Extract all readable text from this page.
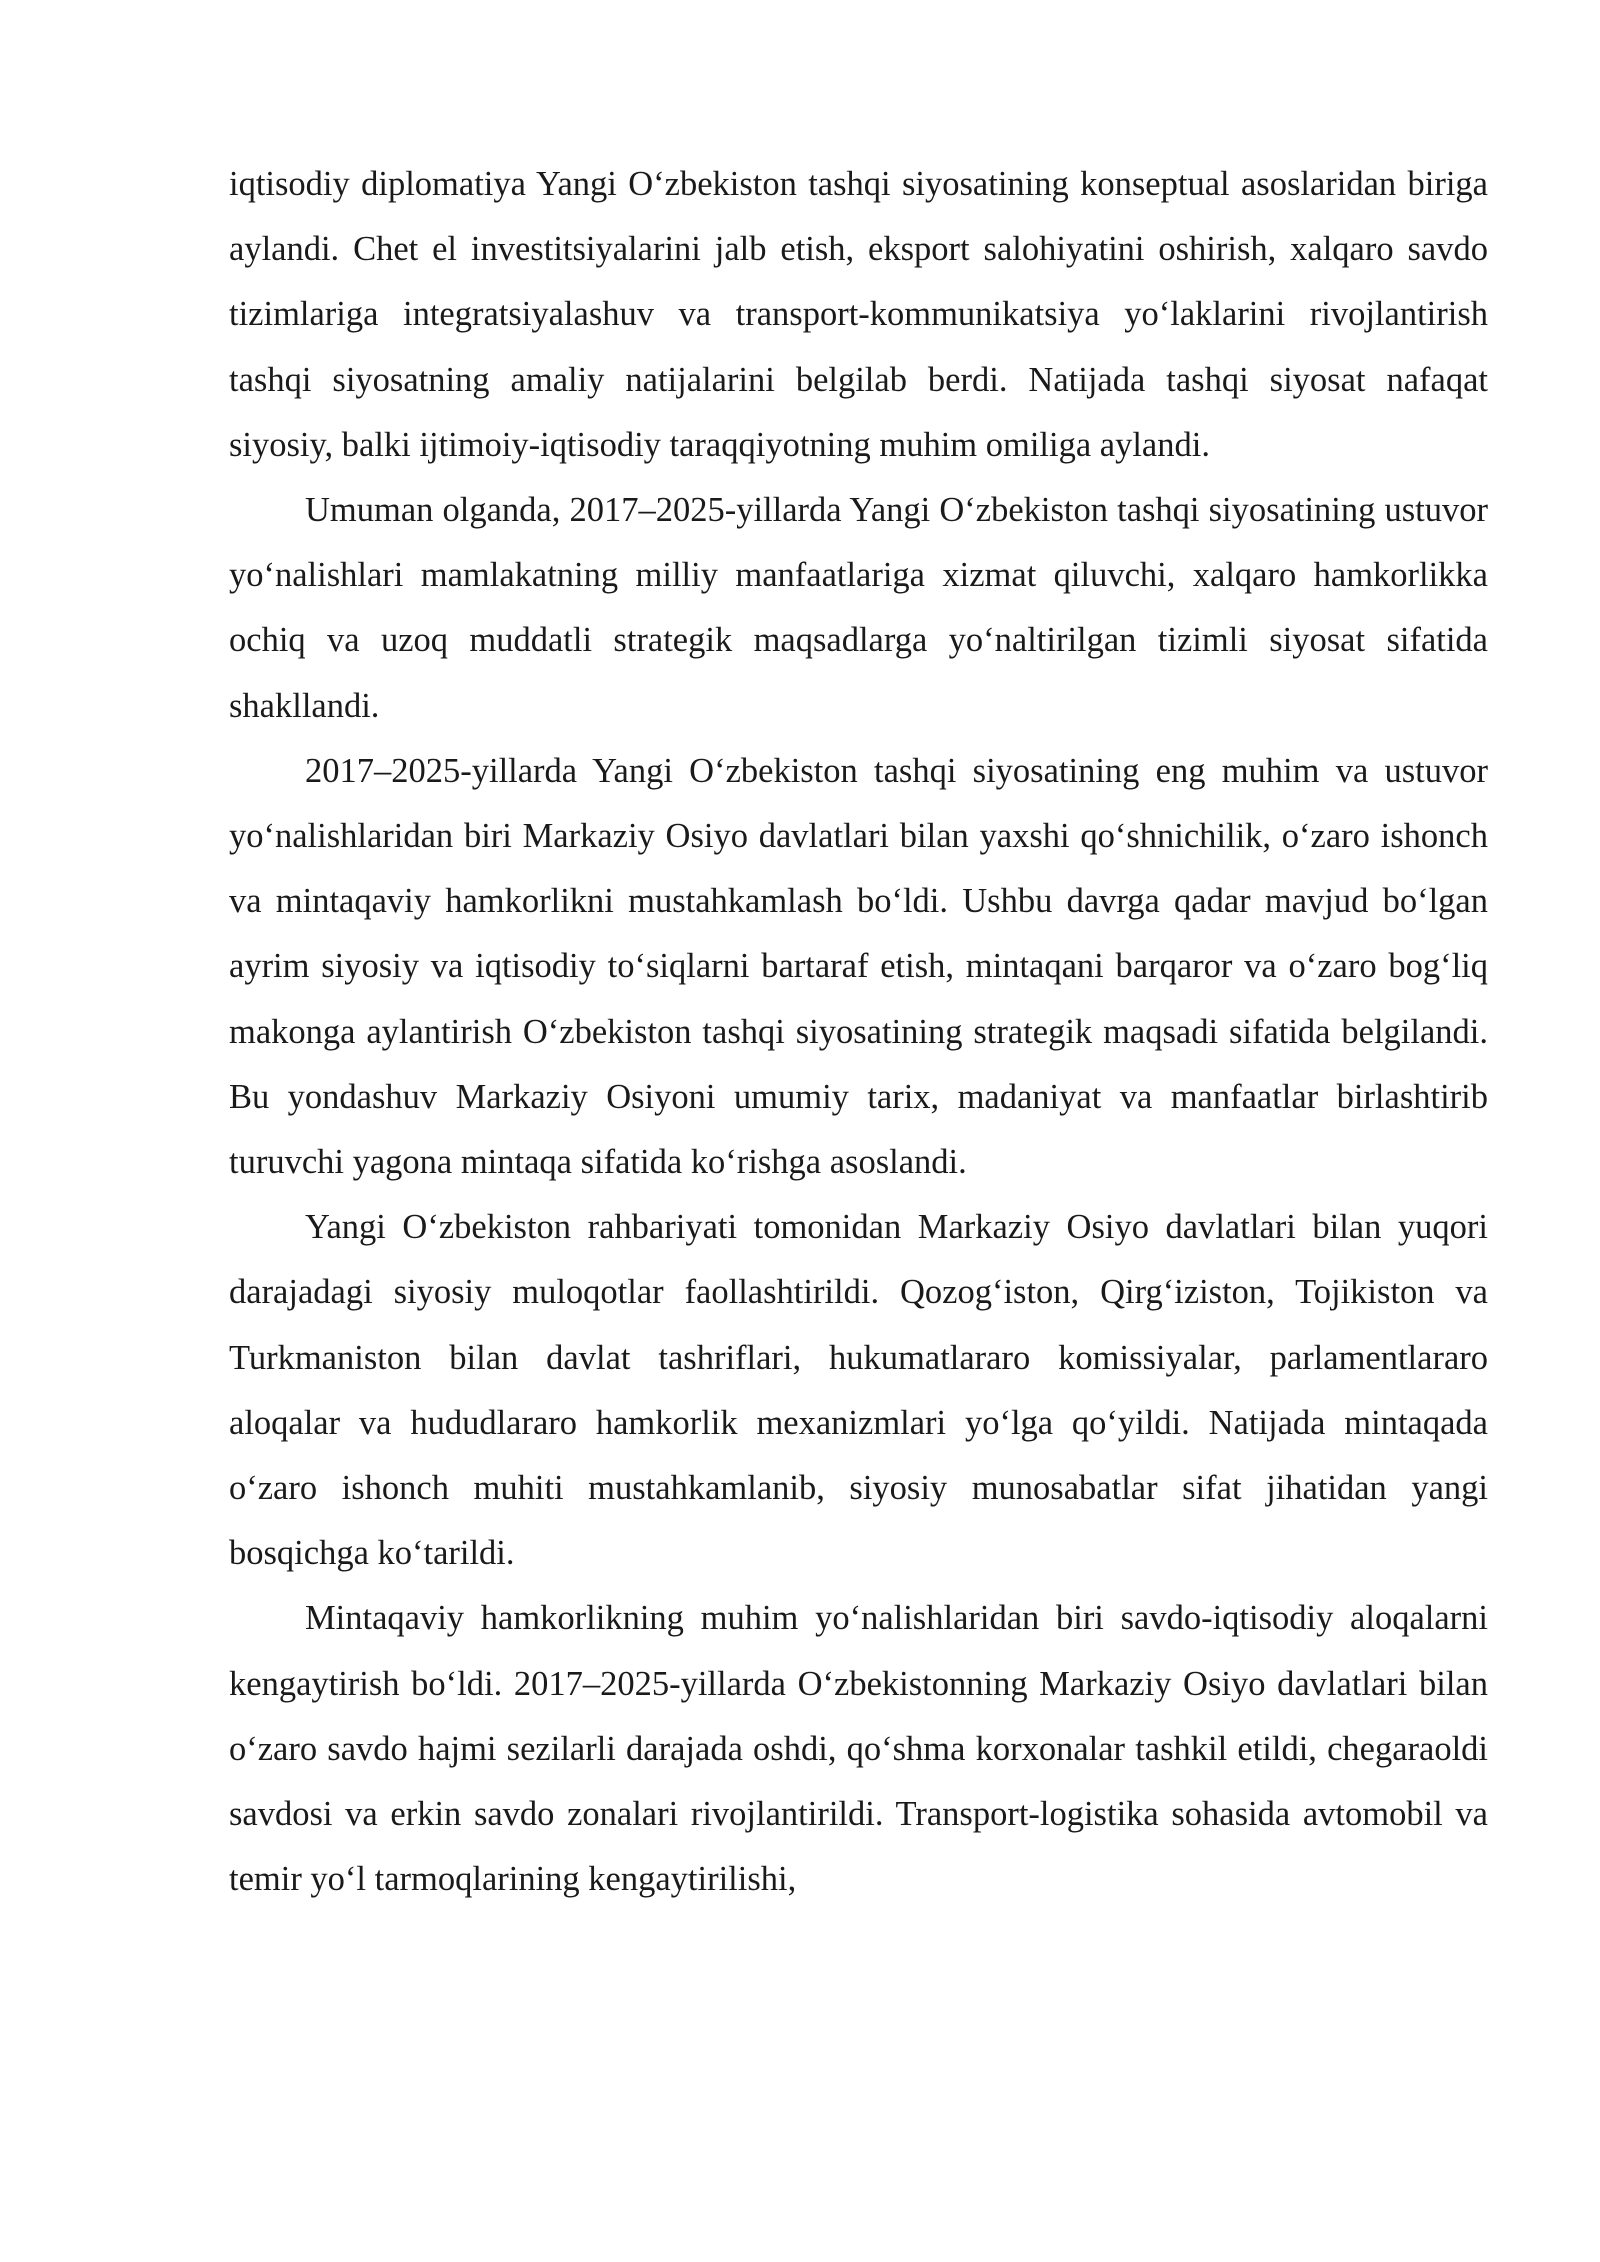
iqtisodiy diplomatiya Yangi O‘zbekiston tashqi siyosatining konseptual asoslaridan biriga aylandi. Chet el investitsiyalarini jalb etish, eksport salohiyatini oshirish, xalqaro savdo tizimlariga integratsiyalashuv va transport-kommunikatsiya yo‘laklarini rivojlantirish tashqi siyosatning amaliy natijalarini belgilab berdi. Natijada tashqi siyosat nafaqat siyosiy, balki ijtimoiy-iqtisodiy taraqqiyotning muhim omiliga aylandi.

Umuman olganda, 2017–2025-yillarda Yangi O‘zbekiston tashqi siyosatining ustuvor yo‘nalishlari mamlakatning milliy manfaatlariga xizmat qiluvchi, xalqaro hamkorlikka ochiq va uzoq muddatli strategik maqsadlarga yo‘naltirilgan tizimli siyosat sifatida shakllandi.

2017–2025-yillarda Yangi O‘zbekiston tashqi siyosatining eng muhim va ustuvor yo‘nalishlaridan biri Markaziy Osiyo davlatlari bilan yaxshi qo‘shnichilik, o‘zaro ishonch va mintaqaviy hamkorlikni mustahkamlash bo‘ldi. Ushbu davrga qadar mavjud bo‘lgan ayrim siyosiy va iqtisodiy to‘siqlarni bartaraf etish, mintaqani barqaror va o‘zaro bog‘liq makonga aylantirish O‘zbekiston tashqi siyosatining strategik maqsadi sifatida belgilandi. Bu yondashuv Markaziy Osiyoni umumiy tarix, madaniyat va manfaatlar birlashtirib turuvchi yagona mintaqa sifatida ko‘rishga asoslandi.

Yangi O‘zbekiston rahbariyati tomonidan Markaziy Osiyo davlatlari bilan yuqori darajadagi siyosiy muloqotlar faollashtirildi. Qozog‘iston, Qirg‘iziston, Tojikiston va Turkmaniston bilan davlat tashriflari, hukumatlararo komissiyalar, parlamentlararo aloqalar va hududlararo hamkorlik mexanizmlari yo‘lga qo‘yildi. Natijada mintaqada o‘zaro ishonch muhiti mustahkamlanib, siyosiy munosabatlar sifat jihatidan yangi bosqichga ko‘tarildi.

Mintaqaviy hamkorlikning muhim yo‘nalishlaridan biri savdo-iqtisodiy aloqalarni kengaytirish bo‘ldi. 2017–2025-yillarda O‘zbekistonning Markaziy Osiyo davlatlari bilan o‘zaro savdo hajmi sezilarli darajada oshdi, qo‘shma korxonalar tashkil etildi, chegaraoldi savdosi va erkin savdo zonalari rivojlantirildi. Transport-logistika sohasida avtomobil va temir yo‘l tarmoqlarining kengaytirilishi,
